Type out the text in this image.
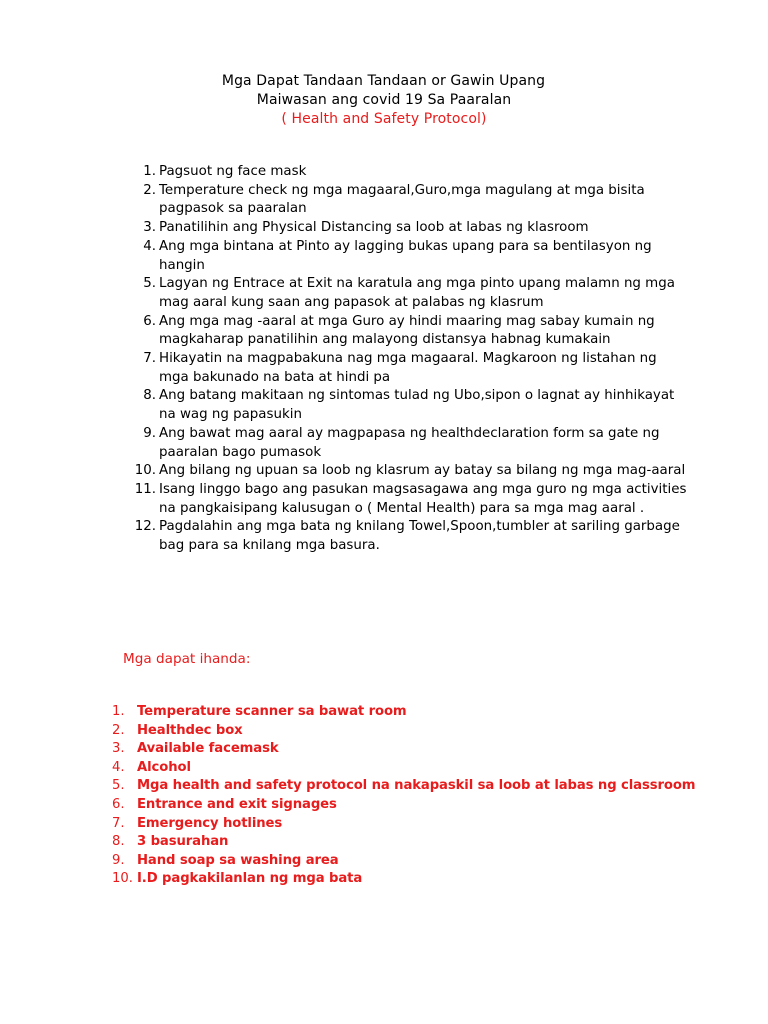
Mga Dapat Tandaan Tandaan or Gawin Upang
Maiwasan ang covid 19 Sa Paaralan
( Health and Safety Protocol)
1. Pagsuot ng face mask
2. Temperature check ng mga magaaral,Guro,mga magulang at mga bisita pagpasok sa paaralan
3. Panatilihin ang Physical Distancing sa loob at labas ng klasroom
4. Ang mga bintana at Pinto ay lagging bukas upang para sa bentilasyon ng hangin
5. Lagyan ng Entrace at Exit na karatula ang mga pinto upang malamn ng mga mag aaral kung saan ang papasok at palabas ng klasrum
6. Ang mga mag -aaral at mga Guro ay hindi maaring mag sabay kumain ng magkaharap panatilihin ang malayong distansya habnag kumakain
7. Hikayatin na magpabakuna nag mga magaaral. Magkaroon ng listahan ng mga bakunado na bata at hindi pa
8. Ang batang makitaan ng sintomas tulad ng Ubo,sipon o lagnat ay hinhikayat na wag ng papasukin
9. Ang bawat mag aaral ay magpapasa ng healthdeclaration form sa gate ng paaralan bago pumasok
10. Ang bilang ng upuan sa loob ng klasrum ay batay sa bilang ng mga mag-aaral
11. Isang linggo bago ang pasukan magsasagawa ang mga guro ng mga activities na pangkaisipang kalusugan o ( Mental Health) para sa mga mag aaral .
12. Pagdalahin ang mga bata ng knilang Towel,Spoon,tumbler at sariling garbage bag para sa knilang mga basura.
Mga dapat ihanda:
1. Temperature scanner sa bawat room
2. Healthdec box
3. Available facemask
4. Alcohol
5. Mga health and safety protocol na nakapaskil sa loob at labas ng classroom
6. Entrance and exit signages
7. Emergency hotlines
8. 3 basurahan
9. Hand soap sa washing area
10. I.D pagkakilanlan ng mga bata
